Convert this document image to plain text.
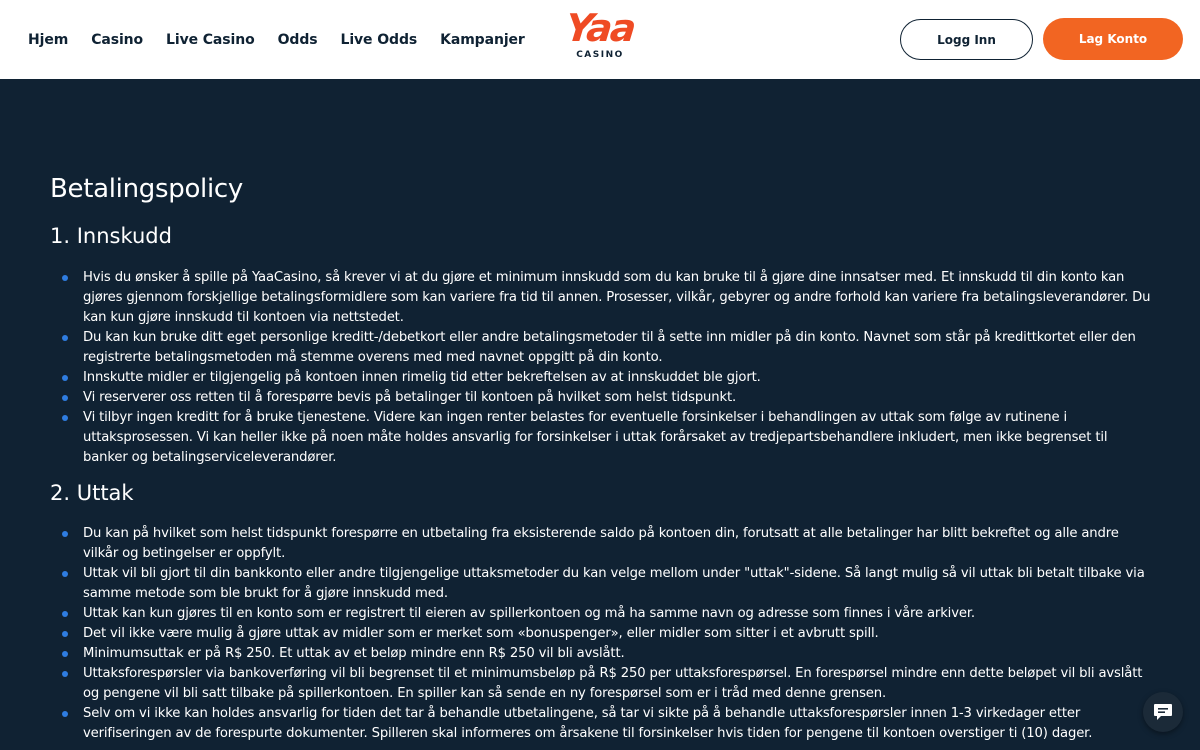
Hjem Casino Live Casino Odds Live Odds Kampanjer Yaa
CASINO
Logg Inn	Lag Konto
Betalingspolicy
1. Innskudd
Hvis du ønsker å spille på YaaCasino, så krever vi at du gjøre et minimum innskudd som du kan bruke til å gjøre dine innsatser med. Et innskudd til din konto kan gjøres gjennom forskjellige betalingsformidlere som kan variere fra tid til annen. Prosesser, vilkår, gebyrer og andre forhold kan variere fra betalingsleverandører. Du kan kun gjøre innskudd til kontoen via nettstedet.
Du kan kun bruke ditt eget personlige kreditt-/debetkort eller andre betalingsmetoder til å sette inn midler på din konto. Navnet som står på kredittkortet eller den registrerte betalingsmetoden må stemme overens med med navnet oppgitt på din konto.
Innskutte midler er tilgjengelig på kontoen innen rimelig tid etter bekreftelsen av at innskuddet ble gjort.
Vi reserverer oss retten til å forespørre bevis på betalinger til kontoen på hvilket som helst tidspunkt.
Vi tilbyr ingen kreditt for å bruke tjenestene. Videre kan ingen renter belastes for eventuelle forsinkelser i behandlingen av uttak som følge av rutinene i uttaksprosessen. Vi kan heller ikke på noen måte holdes ansvarlig for forsinkelser i uttak forårsaket av tredjepartsbehandlere inkludert, men ikke begrenset til banker og betalingserviceleverandører.
2. Uttak
Du kan på hvilket som helst tidspunkt forespørre en utbetaling fra eksisterende saldo på kontoen din, forutsatt at alle betalinger har blitt bekreftet og alle andre vilkår og betingelser er oppfylt.
Uttak vil bli gjort til din bankkonto eller andre tilgjengelige uttaksmetoder du kan velge mellom under "uttak"-sidene. Så langt mulig så vil uttak bli betalt tilbake via samme metode som ble brukt for å gjøre innskudd med.
Uttak kan kun gjøres til en konto som er registrert til eieren av spillerkontoen og må ha samme navn og adresse som finnes i våre arkiver.
Det vil ikke være mulig å gjøre uttak av midler som er merket som «bonuspenger», eller midler som sitter i et avbrutt spill.
Minimumsuttak er på R$ 250. Et uttak av et beløp mindre enn R$ 250 vil bli avslått.
Uttaksforespørsler via bankoverføring vil bli begrenset til et minimumsbeløp på R$ 250 per uttaksforespørsel. En forespørsel mindre enn dette beløpet vil bli avslått og pengene vil bli satt tilbake på spillerkontoen. En spiller kan så sende en ny forespørsel som er i tråd med denne grensen.
Selv om vi ikke kan holdes ansvarlig for tiden det tar å behandle utbetalingene, så tar vi sikte på å behandle uttaksforespørsler innen 1-3 virkedager etter verifiseringen av de forespurte dokumenter. Spilleren skal informeres om årsakene til forsinkelser hvis tiden for pengene til kontoen overstiger ti (10) dager.
